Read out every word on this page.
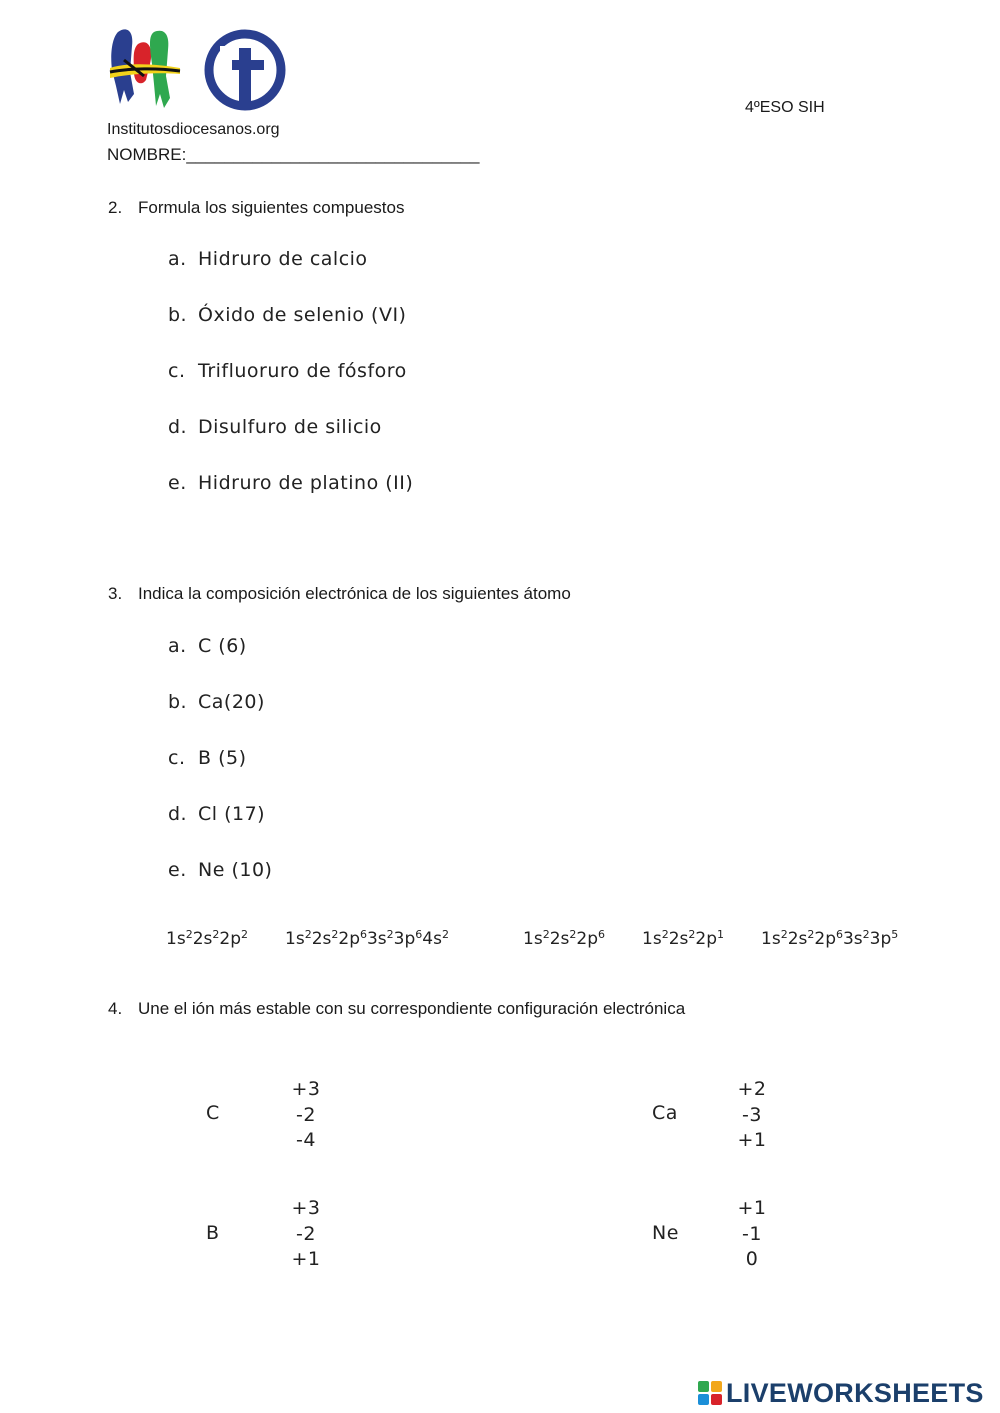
4ºESO SIH
Institutosdiocesanos.org
NOMBRE:_______________________________
2. Formula los siguientes compuestos
a. Hidruro de calcio
b. Óxido de selenio (VI)
c. Trifluoruro de fósforo
d. Disulfuro de silicio
e. Hidruro de platino (II)
3. Indica la composición electrónica de los siguientes átomo
a. C (6)
b. Ca(20)
c. B (5)
d. Cl (17)
e. Ne (10)
$1s^22s^22p^2$ $1s^22s^22p^63s^23p^64s^2$	$1s^22s^22p^6$ $1s^22s^22p^1$ $1s^22s^22p^63s^23p^5$
4. Une el ión más estable con su correspondiente configuración electrónica
C
+3
-2
-4
Ca
+2
-3
+1
B
+3
-2
+1
Ne
+1
-1
0
LIVEWORKSHEETS
